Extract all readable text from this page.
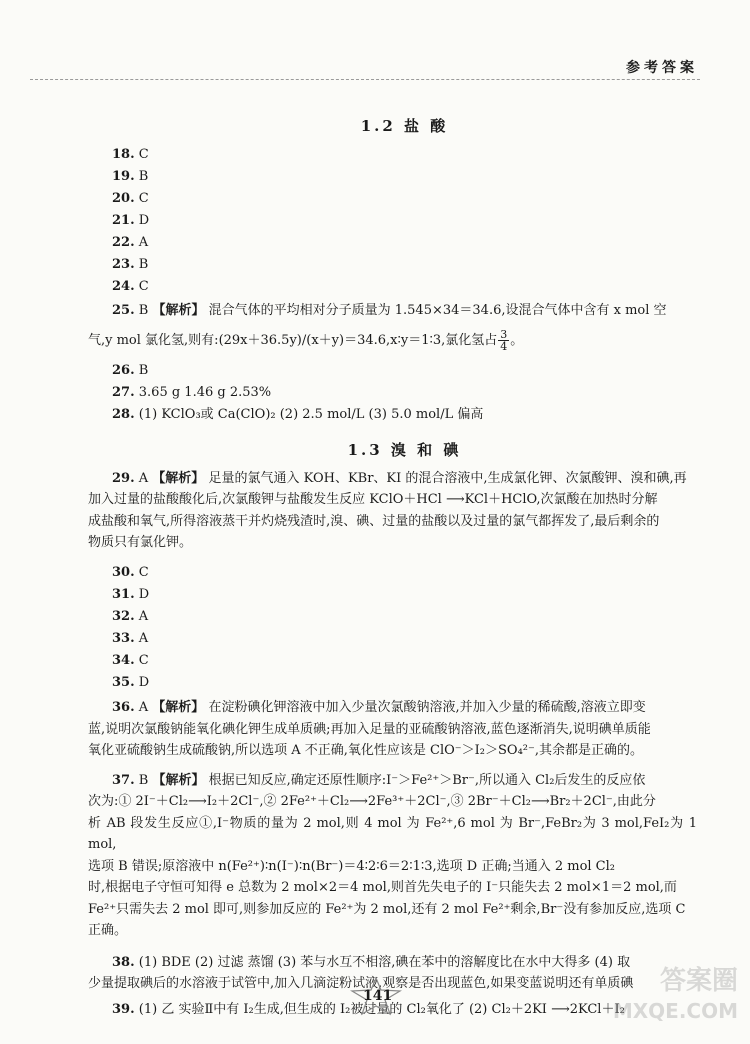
参考答案
1.2 盐 酸
18. C
19. B
20. C
21. D
22. A
23. B
24. C

25. B 【解析】 混合气体的平均相对分子质量为 1.545×34＝34.6,设混合气体中含有 x mol 空

气,y mol 氯化氢,则有:(29x＋36.5y)/(x＋y)＝34.6,x∶y＝1∶3,氯化氢占 $\frac{3}{4}$ 。

26. B
27. 3.65 g 1.46 g 2.53%
28. (1) KClO₃或 Ca(ClO)₂ (2) 2.5 mol/L (3) 5.0 mol/L 偏高
1.3 溴 和 碘

29. A 【解析】 足量的氯气通入 KOH、KBr、KI 的混合溶液中,生成氯化钾、次氯酸钾、溴和碘,再

加入过量的盐酸酸化后,次氯酸钾与盐酸发生反应 KClO＋HCl ⟶KCl＋HClO,次氯酸在加热时分解

成盐酸和氧气,所得溶液蒸干并灼烧残渣时,溴、碘、过量的盐酸以及过量的氯气都挥发了,最后剩余的

物质只有氯化钾。

30. C
31. D
32. A
33. A
34. C
35. D

36. A 【解析】 在淀粉碘化钾溶液中加入少量次氯酸钠溶液,并加入少量的稀硫酸,溶液立即变

蓝,说明次氯酸钠能氧化碘化钾生成单质碘;再加入足量的亚硫酸钠溶液,蓝色逐渐消失,说明碘单质能

氧化亚硫酸钠生成硫酸钠,所以选项 A 不正确,氧化性应该是 ClO⁻＞I₂＞SO₄²⁻,其余都是正确的。

37. B 【解析】 根据已知反应,确定还原性顺序:I⁻＞Fe²⁺＞Br⁻,所以通入 Cl₂后发生的反应依

次为:① 2I⁻＋Cl₂⟶I₂＋2Cl⁻,② 2Fe²⁺＋Cl₂⟶2Fe³⁺＋2Cl⁻,③ 2Br⁻＋Cl₂⟶Br₂＋2Cl⁻,由此分

析 AB 段发生反应①,I⁻物质的量为 2 mol,则 4 mol 为 Fe²⁺,6 mol 为 Br⁻,FeBr₂为 3 mol,FeI₂为 1 mol,

选项 B 错误;原溶液中 n(Fe²⁺)∶n(I⁻)∶n(Br⁻)＝4∶2∶6＝2∶1∶3,选项 D 正确;当通入 2 mol Cl₂

时,根据电子守恒可知得 e 总数为 2 mol×2＝4 mol,则首先失电子的 I⁻只能失去 2 mol×1＝2 mol,而

Fe²⁺只需失去 2 mol 即可,则参加反应的 Fe²⁺为 2 mol,还有 2 mol Fe²⁺剩余,Br⁻没有参加反应,选项 C

正确。

38. (1) BDE (2) 过滤 蒸馏 (3) 苯与水互不相溶,碘在苯中的溶解度比在水中大得多 (4) 取

少量提取碘后的水溶液于试管中,加入几滴淀粉试液,观察是否出现蓝色,如果变蓝说明还有单质碘

39. (1) 乙 实验Ⅱ中有 I₂生成,但生成的 I₂被过量的 Cl₂氧化了 (2) Cl₂＋2KI ⟶2KCl＋I₂

141	答案圈
MXQE.COM
